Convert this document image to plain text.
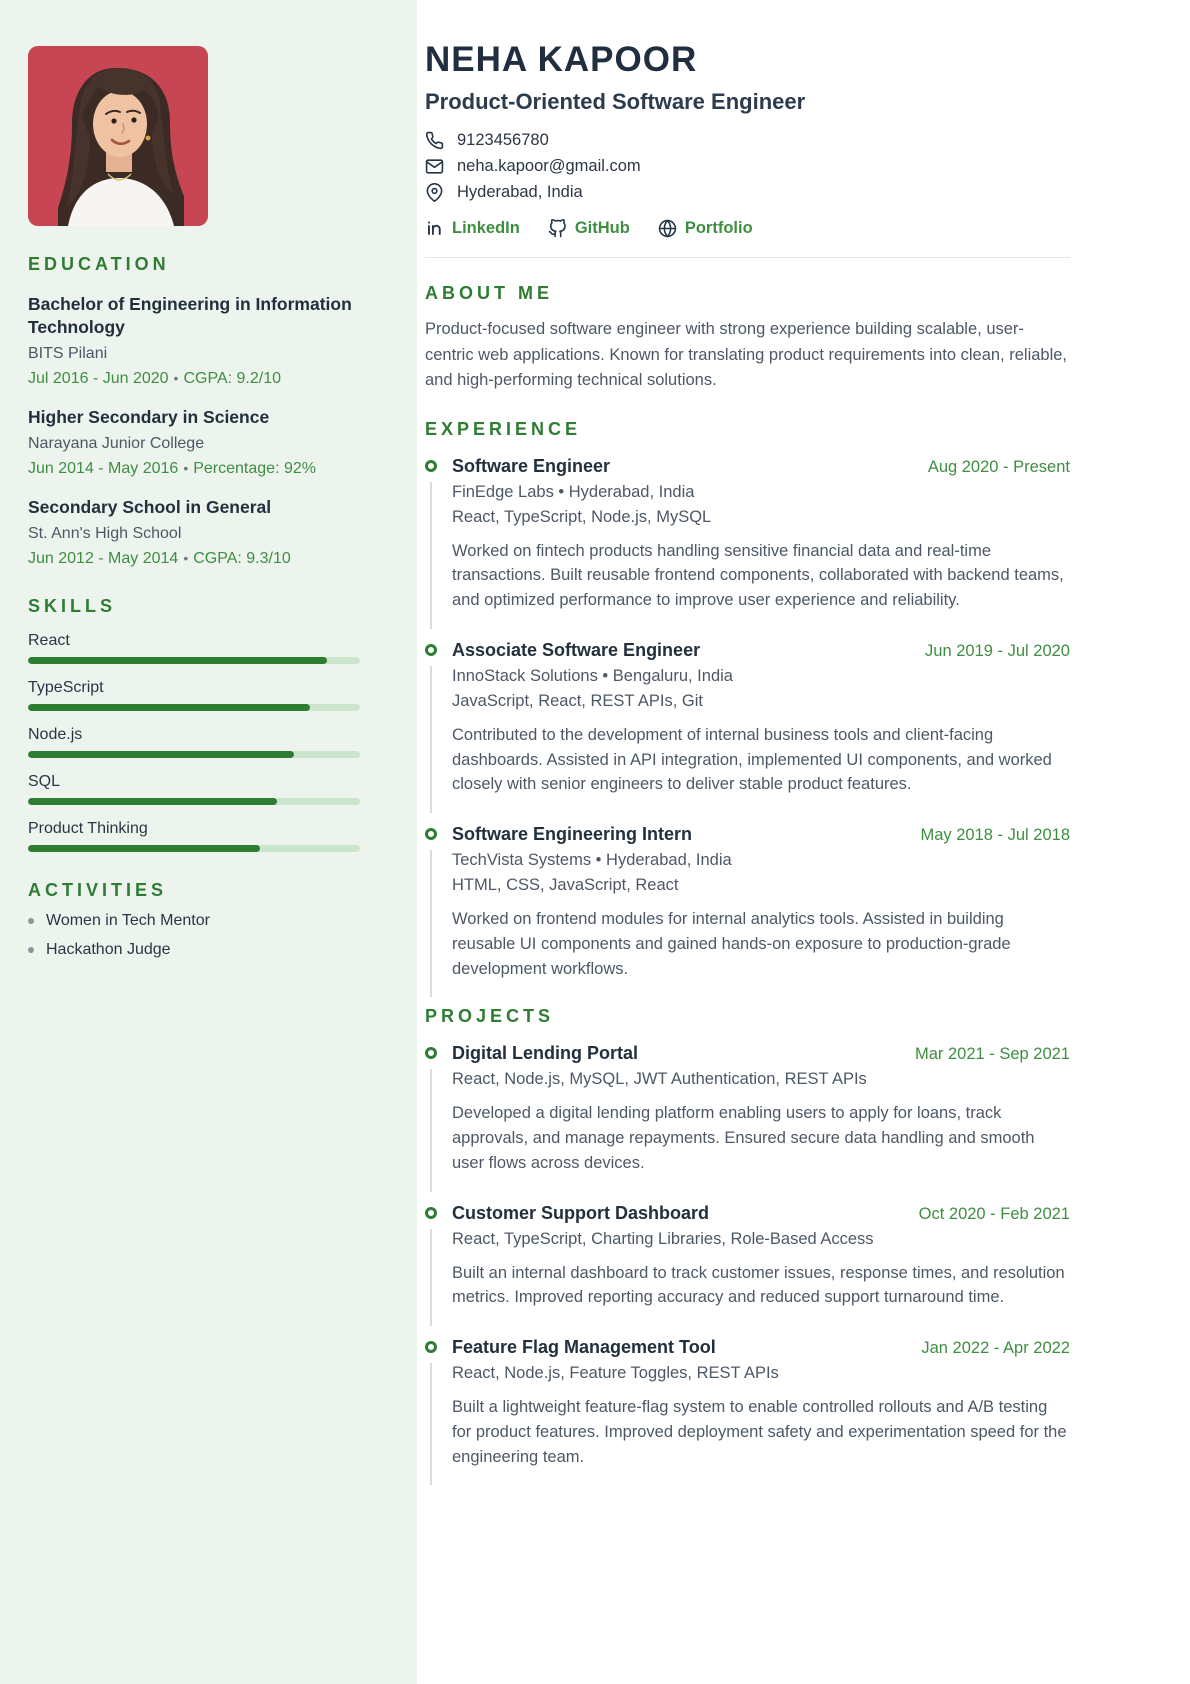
EDUCATION
Bachelor of Engineering in Information Technology
BITS Pilani
Jul 2016 - Jun 2020 • CGPA: 9.2/10
Higher Secondary in Science
Narayana Junior College
Jun 2014 - May 2016 • Percentage: 92%
Secondary School in General
St. Ann's High School
Jun 2012 - May 2014 • CGPA: 9.3/10
SKILLS
React
TypeScript
Node.js
SQL
Product Thinking
ACTIVITIES
Women in Tech Mentor
Hackathon Judge
NEHA KAPOOR
Product-Oriented Software Engineer
9123456780
neha.kapoor@gmail.com
Hyderabad, India
LinkedIn	GitHub	Portfolio
ABOUT ME

Product-focused software engineer with strong experience building scalable, user-centric web applications. Known for translating product requirements into clean, reliable, and high-performing technical solutions.

EXPERIENCE
Software Engineer	Aug 2020 - Present
FinEdge Labs • Hyderabad, India
React, TypeScript, Node.js, MySQL
Worked on fintech products handling sensitive financial data and real-time transactions. Built reusable frontend components, collaborated with backend teams, and optimized performance to improve user experience and reliability.
Associate Software Engineer	Jun 2019 - Jul 2020
InnoStack Solutions • Bengaluru, India
JavaScript, React, REST APIs, Git
Contributed to the development of internal business tools and client-facing dashboards. Assisted in API integration, implemented UI components, and worked closely with senior engineers to deliver stable product features.
Software Engineering Intern	May 2018 - Jul 2018
TechVista Systems • Hyderabad, India
HTML, CSS, JavaScript, React
Worked on frontend modules for internal analytics tools. Assisted in building reusable UI components and gained hands-on exposure to production-grade development workflows.
PROJECTS
Digital Lending Portal	Mar 2021 - Sep 2021
React, Node.js, MySQL, JWT Authentication, REST APIs
Developed a digital lending platform enabling users to apply for loans, track approvals, and manage repayments. Ensured secure data handling and smooth user flows across devices.
Customer Support Dashboard	Oct 2020 - Feb 2021
React, TypeScript, Charting Libraries, Role-Based Access
Built an internal dashboard to track customer issues, response times, and resolution metrics. Improved reporting accuracy and reduced support turnaround time.
Feature Flag Management Tool	Jan 2022 - Apr 2022
React, Node.js, Feature Toggles, REST APIs
Built a lightweight feature-flag system to enable controlled rollouts and A/B testing for product features. Improved deployment safety and experimentation speed for the engineering team.
